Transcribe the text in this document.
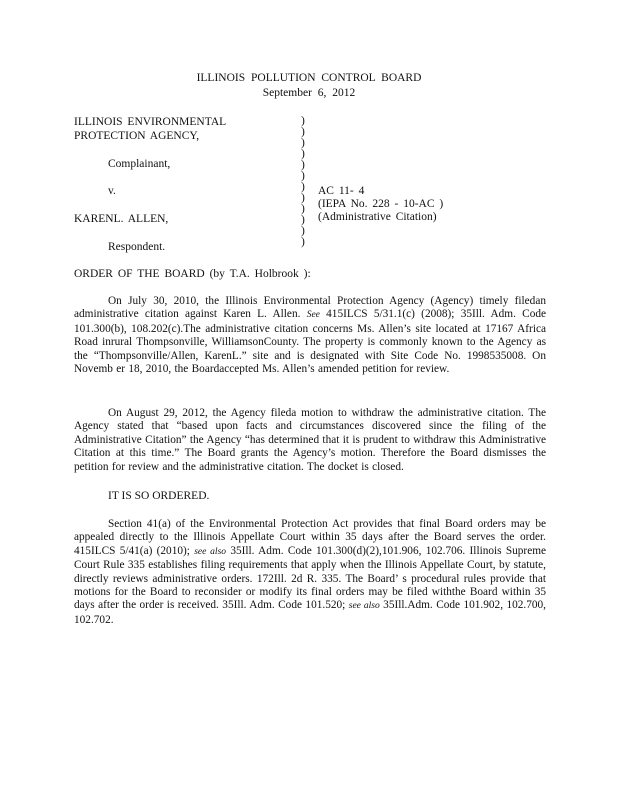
ILLINOIS POLLUTION CONTROL BOARD
September 6, 2012
ILLINOIS ENVIRONMENTAL
PROTECTION AGENCY,
Complainant,
v.
KARENL. ALLEN,
Respondent.
)
)
)
)
)
)
)
)
)
)
)
)
AC 11- 4
(IEPA No. 228 - 10-AC )
(Administrative Citation)
ORDER OF THE BOARD (by T.A. Holbrook ):

On July 30, 2010, the Illinois Environmental Protection Agency (Agency) timely filedan administrative citation against Karen L. Allen. See 415ILCS 5/31.1(c) (2008); 35Ill. Adm. Code 101.300(b), 108.202(c).The administrative citation concerns Ms. Allen’s site located at 17167 Africa Road inrural Thompsonville, WilliamsonCounty. The property is commonly known to the Agency as the “Thompsonville/Allen, KarenL.” site and is designated with Site Code No. 1998535008. On Novemb er 18, 2010, the Boardaccepted Ms. Allen’s amended petition for review.

On August 29, 2012, the Agency fileda motion to withdraw the administrative citation. The Agency stated that “based upon facts and circumstances discovered since the filing of the Administrative Citation” the Agency “has determined that it is prudent to withdraw this Administrative Citation at this time.” The Board grants the Agency’s motion. Therefore the Board dismisses the petition for review and the administrative citation. The docket is closed.

IT IS SO ORDERED.

Section 41(a) of the Environmental Protection Act provides that final Board orders may be appealed directly to the Illinois Appellate Court within 35 days after the Board serves the order. 415ILCS 5/41(a) (2010); see also 35Ill. Adm. Code 101.300(d)(2),101.906, 102.706. Illinois Supreme Court Rule 335 establishes filing requirements that apply when the Illinois Appellate Court, by statute, directly reviews administrative orders. 172Ill. 2d R. 335. The Board’ s procedural rules provide that motions for the Board to reconsider or modify its final orders may be filed withthe Board within 35 days after the order is received. 35Ill. Adm. Code 101.520; see also 35Ill.Adm. Code 101.902, 102.700, 102.702.
